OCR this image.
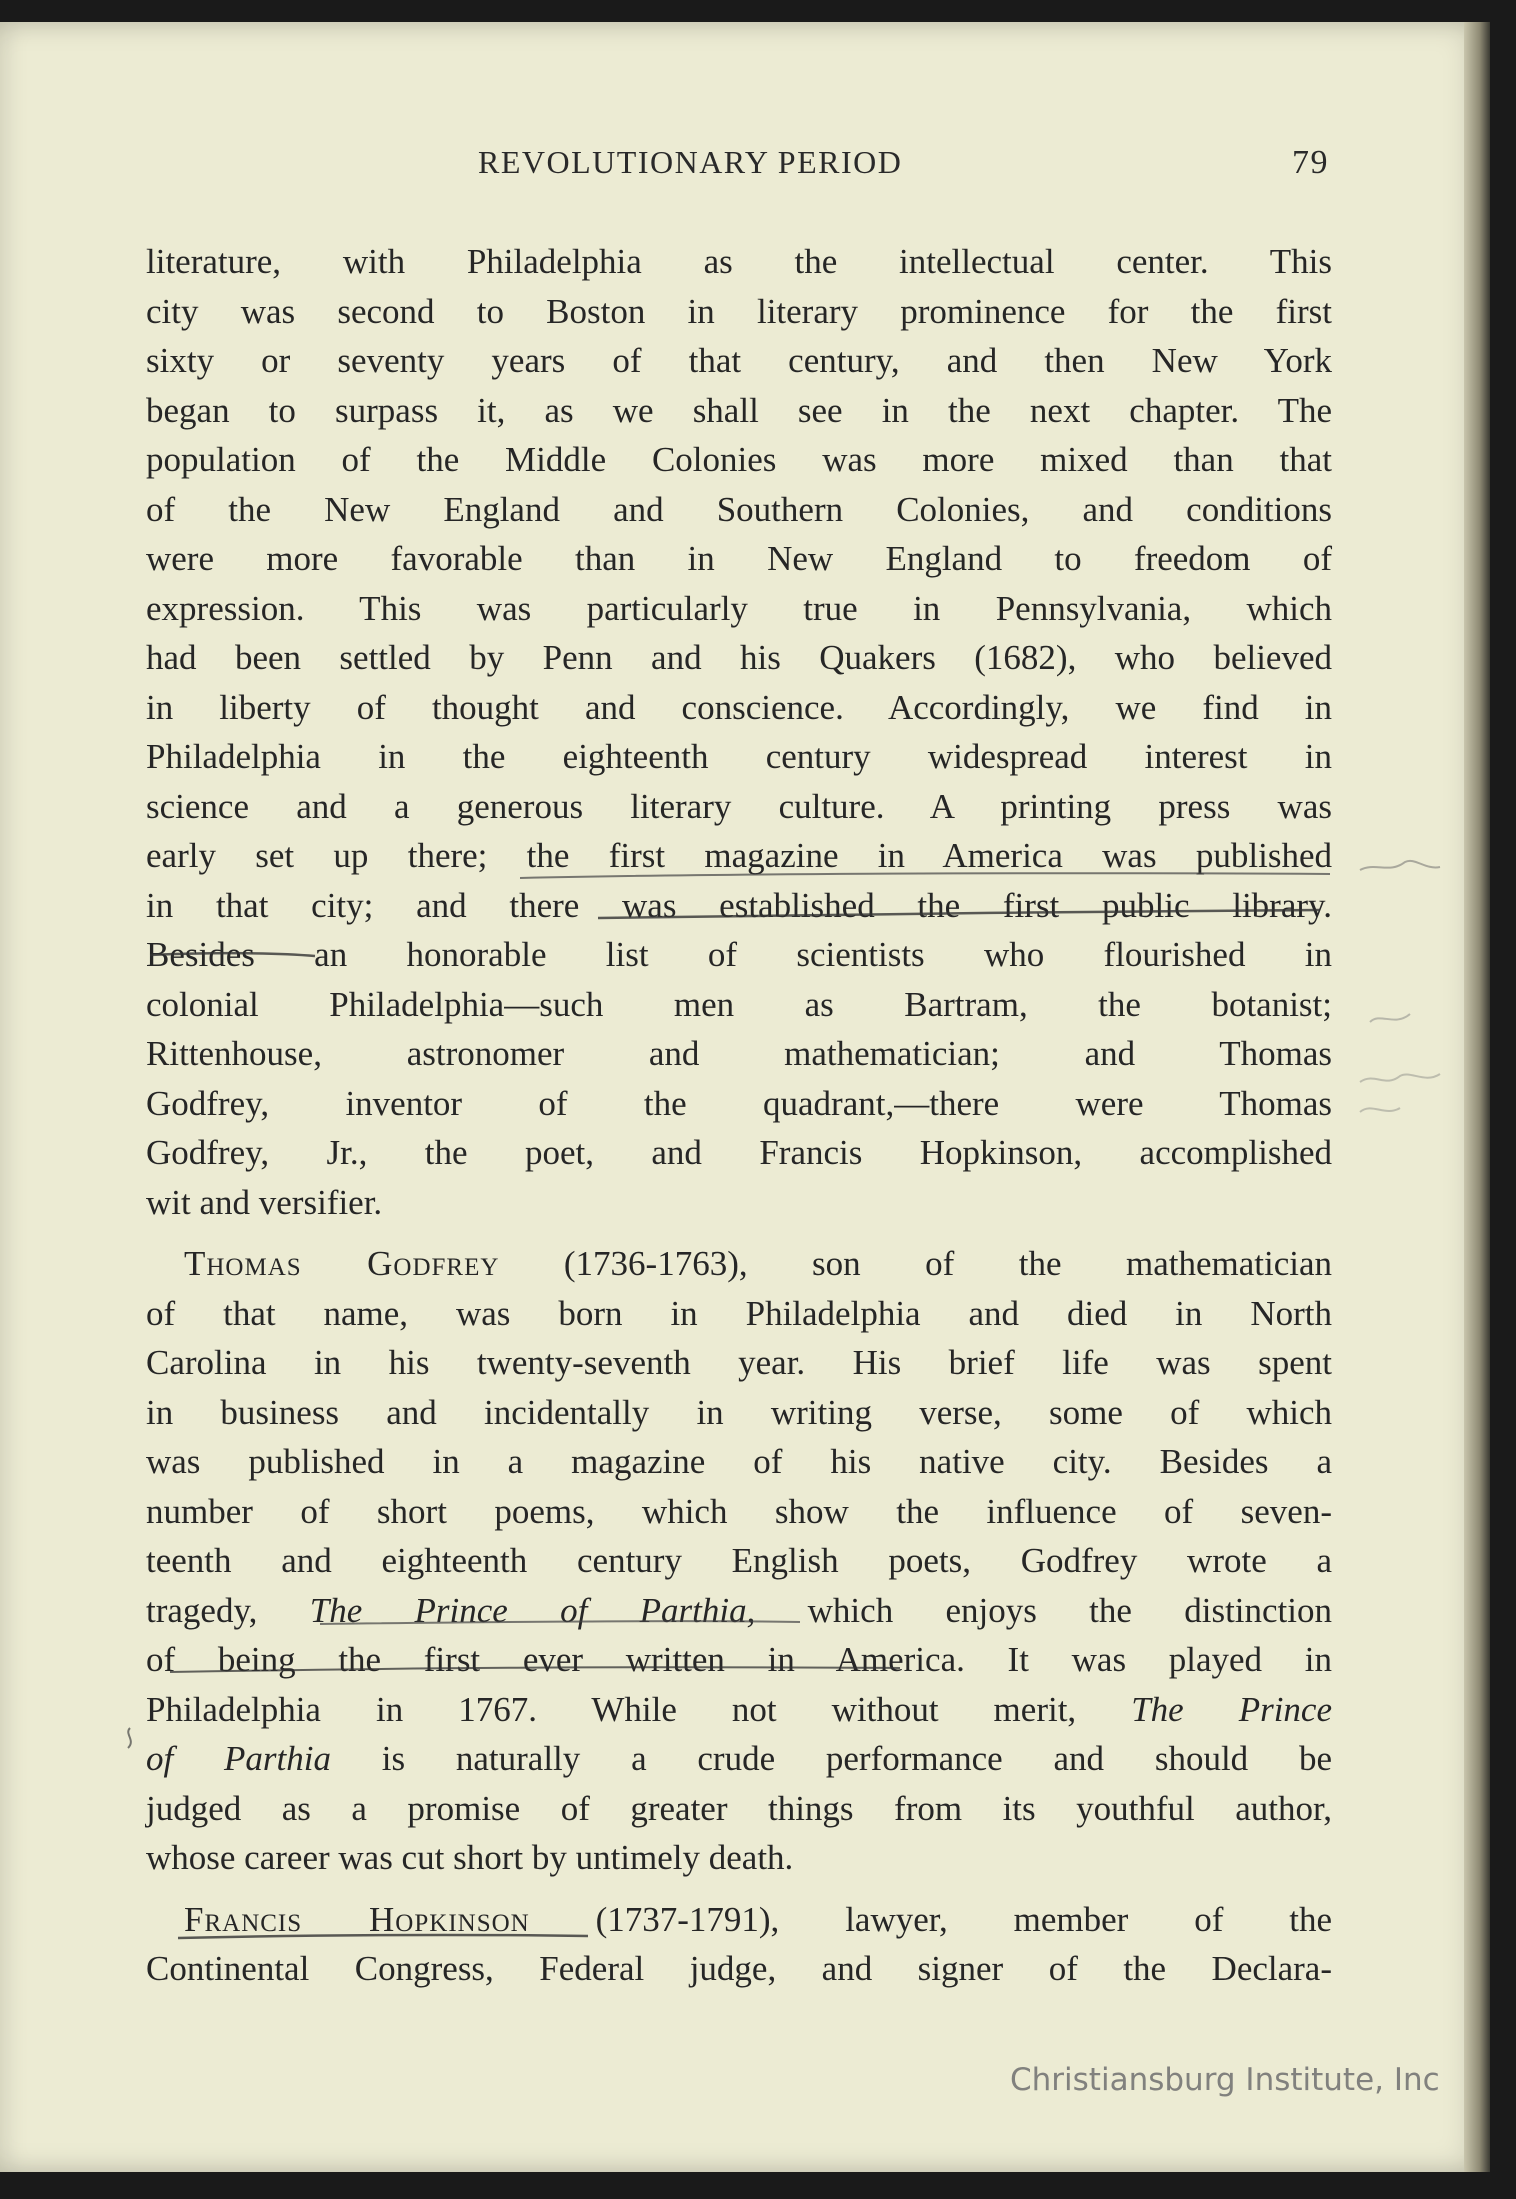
REVOLUTIONARY PERIOD	79
literature, with Philadelphia as the intellectual center. This
city was second to Boston in literary prominence for the first
sixty or seventy years of that century, and then New York
began to surpass it, as we shall see in the next chapter. The
population of the Middle Colonies was more mixed than that
of the New England and Southern Colonies, and conditions
were more favorable than in New England to freedom of
expression. This was particularly true in Pennsylvania, which
had been settled by Penn and his Quakers (1682), who believed
in liberty of thought and conscience. Accordingly, we find in
Philadelphia in the eighteenth century widespread interest in
science and a generous literary culture. A printing press was
early set up there; the first magazine in America was published
in that city; and there was established the first public library.
Besides an honorable list of scientists who flourished in
colonial Philadelphia—such men as Bartram, the botanist;
Rittenhouse, astronomer and mathematician; and Thomas
Godfrey, inventor of the quadrant,—there were Thomas
Godfrey, Jr., the poet, and Francis Hopkinson, accomplished
wit and versifier.
Thomas Godfrey (1736-1763), son of the mathematician
of that name, was born in Philadelphia and died in North
Carolina in his twenty-seventh year. His brief life was spent
in business and incidentally in writing verse, some of which
was published in a magazine of his native city. Besides a
number of short poems, which show the influence of seven-
teenth and eighteenth century English poets, Godfrey wrote a
tragedy, The Prince of Parthia, which enjoys the distinction
of being the first ever written in America. It was played in
Philadelphia in 1767. While not without merit, The Prince
of Parthia is naturally a crude performance and should be
judged as a promise of greater things from its youthful author,
whose career was cut short by untimely death.
Francis Hopkinson (1737-1791), lawyer, member of the
Continental Congress, Federal judge, and signer of the Declara-
Christiansburg Institute, Inc
